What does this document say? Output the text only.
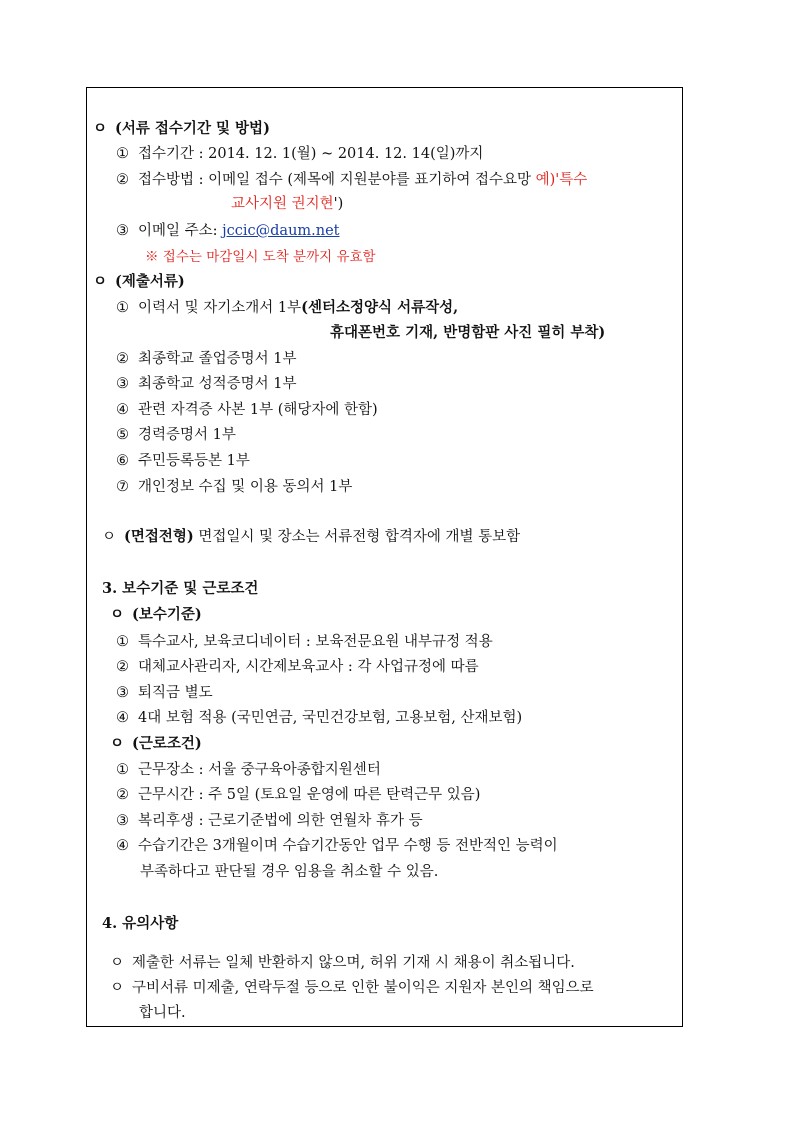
ㅇ (서류 접수기간 및 방법)
① 접수기간 : 2014. 12. 1(월) ~ 2014. 12. 14(일)까지
② 접수방법 : 이메일 접수 (제목에 지원분야를 표기하여 접수요망 예)'특수
교사지원 권지현')
③ 이메일 주소: jccic@daum.net
※ 접수는 마감일시 도착 분까지 유효함
ㅇ (제출서류)
① 이력서 및 자기소개서 1부(센터소정양식 서류작성,
휴대폰번호 기재, 반명함판 사진 필히 부착)
② 최종학교 졸업증명서 1부
③ 최종학교 성적증명서 1부
④ 관련 자격증 사본 1부 (해당자에 한함)
⑤ 경력증명서 1부
⑥ 주민등록등본 1부
⑦ 개인정보 수집 및 이용 동의서 1부
ㅇ (면접전형) 면접일시 및 장소는 서류전형 합격자에 개별 통보함
3. 보수기준 및 근로조건
ㅇ (보수기준)
① 특수교사, 보육코디네이터 : 보육전문요원 내부규정 적용
② 대체교사관리자, 시간제보육교사 : 각 사업규정에 따름
③ 퇴직금 별도
④ 4대 보험 적용 (국민연금, 국민건강보험, 고용보험, 산재보험)
ㅇ (근로조건)
① 근무장소 : 서울 중구육아종합지원센터
② 근무시간 : 주 5일 (토요일 운영에 따른 탄력근무 있음)
③ 복리후생 : 근로기준법에 의한 연월차 휴가 등
④ 수습기간은 3개월이며 수습기간동안 업무 수행 등 전반적인 능력이
부족하다고 판단될 경우 임용을 취소할 수 있음.
4. 유의사항
ㅇ 제출한 서류는 일체 반환하지 않으며, 허위 기재 시 채용이 취소됩니다.
ㅇ 구비서류 미제출, 연락두절 등으로 인한 불이익은 지원자 본인의 책임으로
합니다.
